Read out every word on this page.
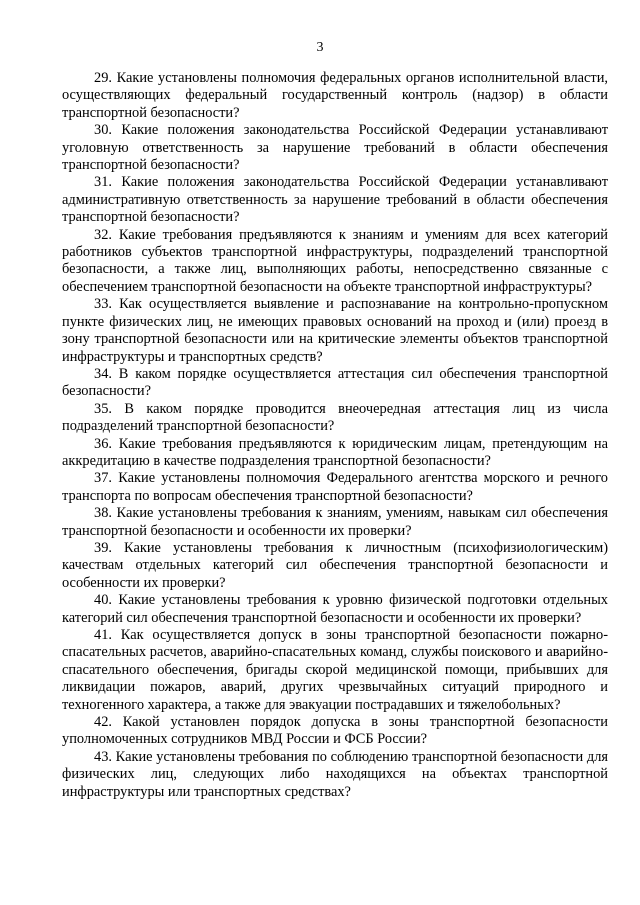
3

29. Какие установлены полномочия федеральных органов исполнительной власти, осуществляющих федеральный государственный контроль (надзор) в области транспортной безопасности?

30. Какие положения законодательства Российской Федерации устанавливают уголовную ответственность за нарушение требований в области обеспечения транспортной безопасности?

31. Какие положения законодательства Российской Федерации устанавливают административную ответственность за нарушение требований в области обеспечения транспортной безопасности?

32. Какие требования предъявляются к знаниям и умениям для всех категорий работников субъектов транспортной инфраструктуры, подразделений транспортной безопасности, а также лиц, выполняющих работы, непосредственно связанные с обеспечением транспортной безопасности на объекте транспортной инфраструктуры?

33. Как осуществляется выявление и распознавание на контрольно-пропускном пункте физических лиц, не имеющих правовых оснований на проход и (или) проезд в зону транспортной безопасности или на критические элементы объектов транспортной инфраструктуры и транспортных средств?

34. В каком порядке осуществляется аттестация сил обеспечения транспортной безопасности?

35. В каком порядке проводится внеочередная аттестация лиц из числа подразделений транспортной безопасности?

36. Какие требования предъявляются к юридическим лицам, претендующим на аккредитацию в качестве подразделения транспортной безопасности?

37. Какие установлены полномочия Федерального агентства морского и речного транспорта по вопросам обеспечения транспортной безопасности?

38. Какие установлены требования к знаниям, умениям, навыкам сил обеспечения транспортной безопасности и особенности их проверки?

39. Какие установлены требования к личностным (психофизиологическим) качествам отдельных категорий сил обеспечения транспортной безопасности и особенности их проверки?

40. Какие установлены требования к уровню физической подготовки отдельных категорий сил обеспечения транспортной безопасности и особенности их проверки?

41. Как осуществляется допуск в зоны транспортной безопасности пожарно-спасательных расчетов, аварийно-спасательных команд, службы поискового и аварийно-спасательного обеспечения, бригады скорой медицинской помощи, прибывших для ликвидации пожаров, аварий, других чрезвычайных ситуаций природного и техногенного характера, а также для эвакуации пострадавших и тяжелобольных?

42. Какой установлен порядок допуска в зоны транспортной безопасности уполномоченных сотрудников МВД России и ФСБ России?

43. Какие установлены требования по соблюдению транспортной безопасности для физических лиц, следующих либо находящихся на объектах транспортной инфраструктуры или транспортных средствах?
